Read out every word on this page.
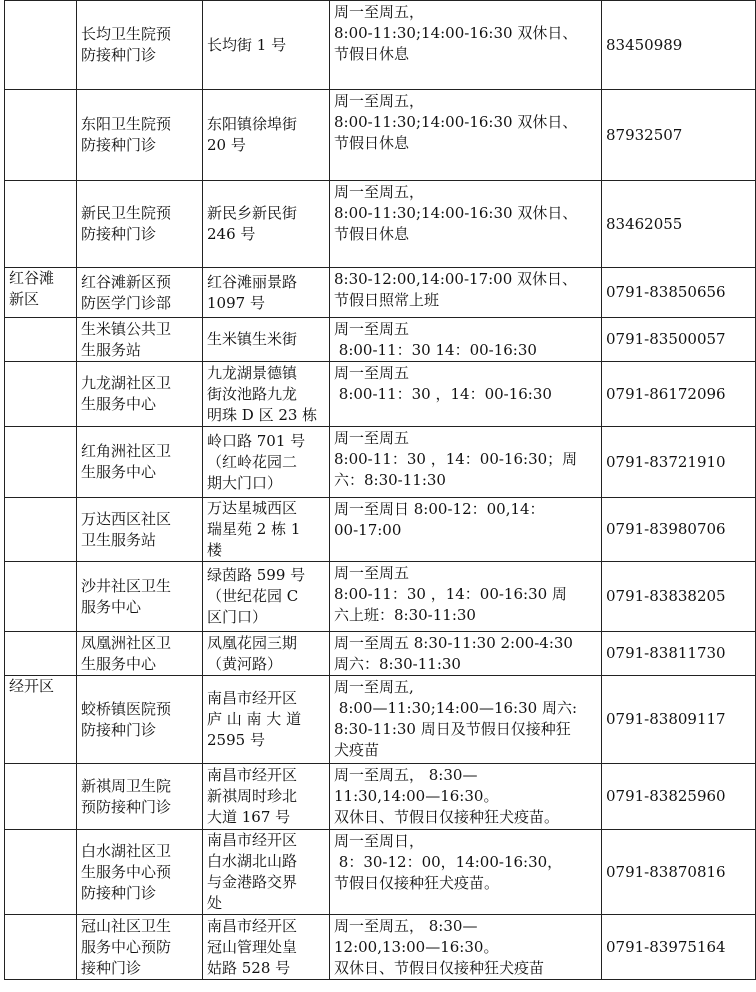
	长均卫生院预
防接种门诊	长均街 1 号	周一至周五，
8:00-11:30;14:00-16:30 双休日、
节假日休息	83450989
	东阳卫生院预
防接种门诊	东阳镇徐埠街
20 号	周一至周五，
8:00-11:30;14:00-16:30 双休日、
节假日休息	87932507
	新民卫生院预
防接种门诊	新民乡新民街
246 号	周一至周五，
8:00-11:30;14:00-16:30 双休日、
节假日休息	83462055
红谷滩
新区	红谷滩新区预
防医学门诊部	红谷滩丽景路
1097 号	8:30-12:00,14:00-17:00 双休日、
节假日照常上班	0791-83850656
	生米镇公共卫
生服务站	生米镇生米街	周一至周五
8:00-11：30 14：00-16:30	0791-83500057
	九龙湖社区卫
生服务中心	九龙湖景德镇
街汝池路九龙
明珠 D 区 23 栋	周一至周五
8:00-11：30 ，14：00-16:30	0791-86172096
	红角洲社区卫
生服务中心	岭口路 701 号
（红岭花园二
期大门口）	周一至周五
8:00-11：30 ，14：00-16:30；周
六：8:30-11:30	0791-83721910
	万达西区社区
卫生服务站	万达星城西区
瑞星苑 2 栋 1
楼	周一至周日 8:00-12：00,14：
00-17:00	0791-83980706
	沙井社区卫生
服务中心	绿茵路 599 号
（世纪花园 C
区门口）	周一至周五
8:00-11：30 ，14：00-16:30 周
六上班：8:30-11:30	0791-83838205
	凤凰洲社区卫
生服务中心	凤凰花园三期
（黄河路）	周一至周五 8:30-11:30 2:00-4:30
周六：8:30-11:30	0791-83811730
经开区	蛟桥镇医院预
防接种门诊	南昌市经开区
庐 山 南 大 道
2595 号	周一至周五,
8:00—11:30;14:00—16:30 周六:
8:30-11:30 周日及节假日仅接种狂
犬疫苗	0791-83809117
	新祺周卫生院
预防接种门诊	南昌市经开区
新祺周时珍北
大道 167 号	周一至周五， 8:30—
11:30,14:00—16:30。
双休日、节假日仅接种狂犬疫苗。	0791-83825960
	白水湖社区卫
生服务中心预
防接种门诊	南昌市经开区
白水湖北山路
与金港路交界
处	周一至周日，
8：30-12：00，14:00-16:30，
节假日仅接种狂犬疫苗。	0791-83870816
	冠山社区卫生
服务中心预防
接种门诊	南昌市经开区
冠山管理处皇
姑路 528 号	周一至周五， 8:30—
12:00,13:00—16:30。
双休日、节假日仅接种狂犬疫苗	0791-83975164
